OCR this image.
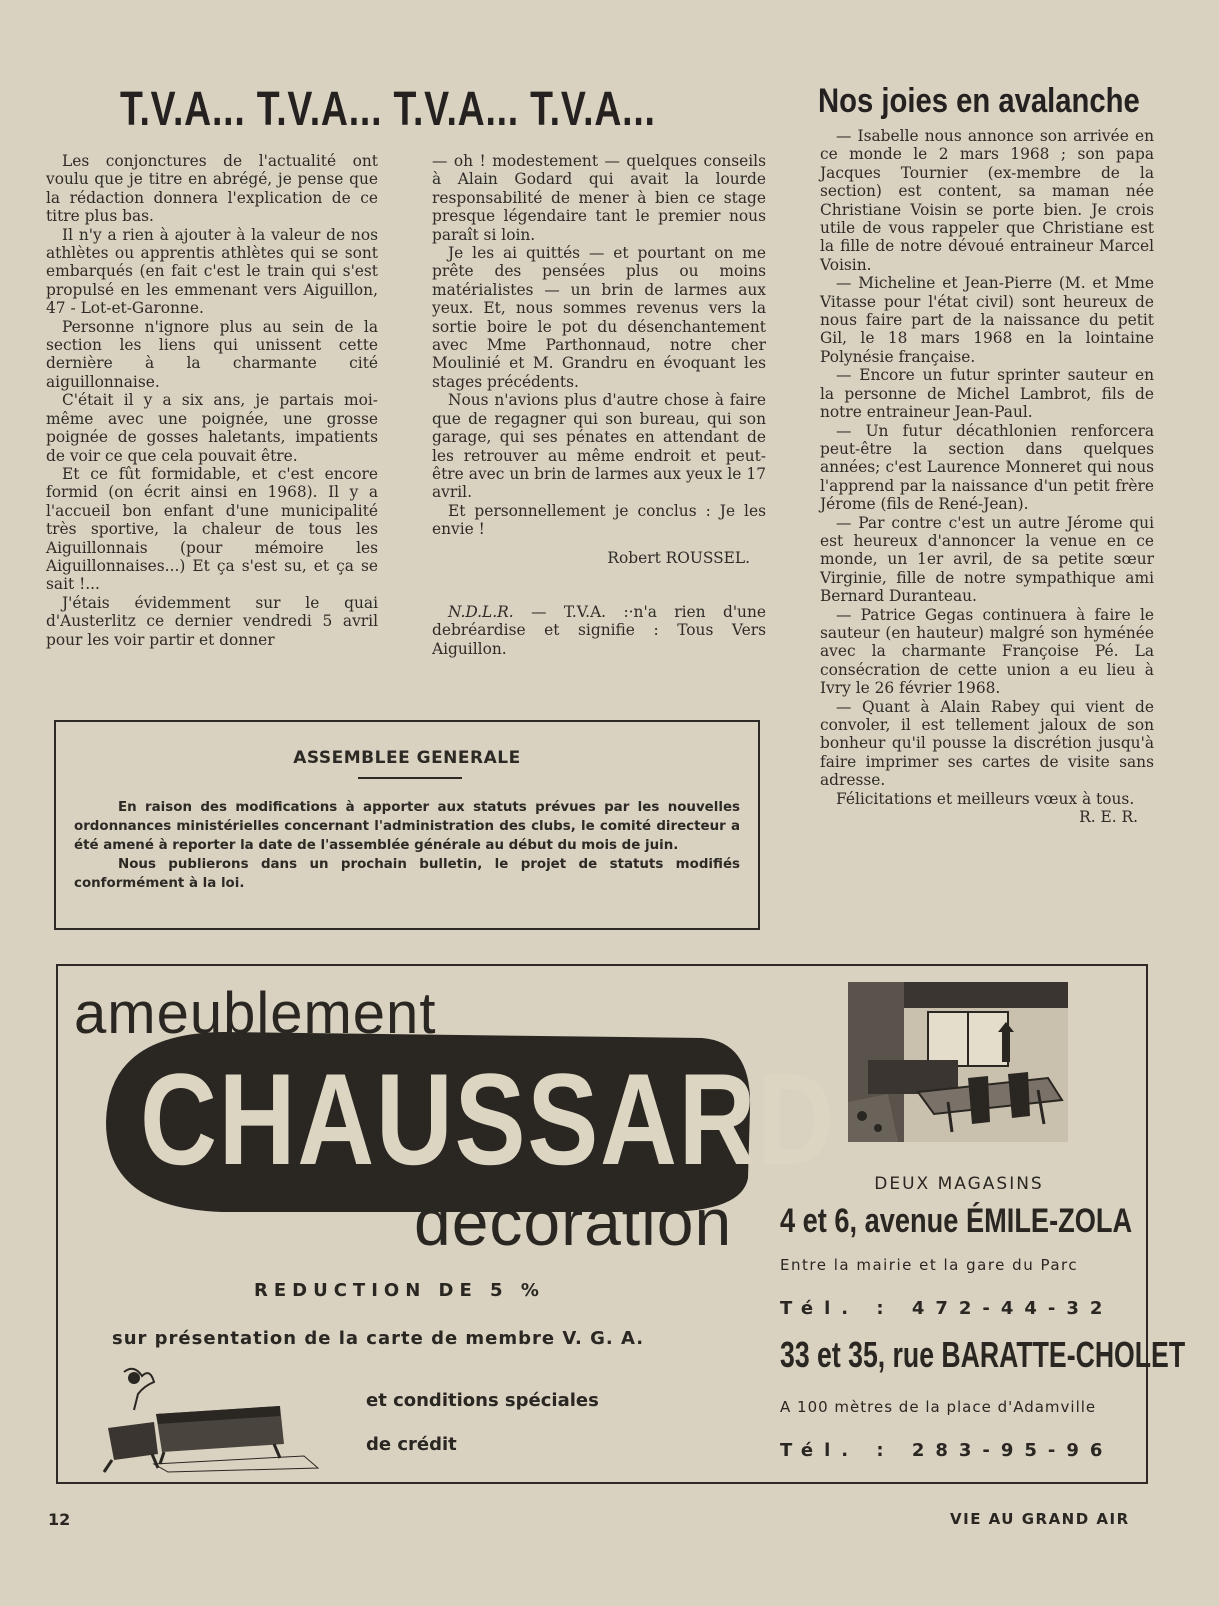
T.V.A... T.V.A... T.V.A... T.V.A...

Les conjonctures de l'actualité ont voulu que je titre en abrégé, je pense que la rédaction donnera l'explication de ce titre plus bas.

Il n'y a rien à ajouter à la valeur de nos athlètes ou apprentis athlètes qui se sont embarqués (en fait c'est le train qui s'est propulsé en les emmenant vers Aiguillon, 47 - Lot-et-Garonne.

Personne n'ignore plus au sein de la section les liens qui unissent cette dernière à la charmante cité aiguillonnaise.

C'était il y a six ans, je partais moi-même avec une poignée, une grosse poignée de gosses haletants, impatients de voir ce que cela pouvait être.

Et ce fût formidable, et c'est encore formid (on écrit ainsi en 1968). Il y a l'accueil bon enfant d'une municipalité très sportive, la chaleur de tous les Aiguillonnais (pour mémoire les Aiguillonnaises...) Et ça s'est su, et ça se sait !...

J'étais évidemment sur le quai d'Austerlitz ce dernier vendredi 5 avril pour les voir partir et donner

— oh ! modestement — quelques conseils à Alain Godard qui avait la lourde responsabilité de mener à bien ce stage presque légendaire tant le premier nous paraît si loin.

Je les ai quittés — et pourtant on me prête des pensées plus ou moins matérialistes — un brin de larmes aux yeux. Et, nous sommes revenus vers la sortie boire le pot du désenchantement avec Mme Parthonnaud, notre cher Moulinié et M. Grandru en évoquant les stages précédents.

Nous n'avions plus d'autre chose à faire que de regagner qui son bureau, qui son garage, qui ses pénates en attendant de les retrouver au même endroit et peut-être avec un brin de larmes aux yeux le 17 avril.

Et personnellement je conclus : Je les envie !

Robert ROUSSEL.

N.D.L.R. — T.V.A. :·n'a rien d'une debréardise et signifie : Tous Vers Aiguillon.

Nos joies en avalanche

— Isabelle nous annonce son arrivée en ce monde le 2 mars 1968 ; son papa Jacques Tournier (ex-membre de la section) est content, sa maman née Christiane Voisin se porte bien. Je crois utile de vous rappeler que Christiane est la fille de notre dévoué entraineur Marcel Voisin.

— Micheline et Jean-Pierre (M. et Mme Vitasse pour l'état civil) sont heureux de nous faire part de la naissance du petit Gil, le 18 mars 1968 en la lointaine Polynésie française.

— Encore un futur sprinter sauteur en la personne de Michel Lambrot, fils de notre entraineur Jean-Paul.

— Un futur décathlonien renforcera peut-être la section dans quelques années; c'est Laurence Monneret qui nous l'apprend par la naissance d'un petit frère Jérome (fils de René-Jean).

— Par contre c'est un autre Jérome qui est heureux d'annoncer la venue en ce monde, un 1er avril, de sa petite sœur Virginie, fille de notre sympathique ami Bernard Duranteau.

— Patrice Gegas continuera à faire le sauteur (en hauteur) malgré son hyménée avec la charmante Françoise Pé. La consécration de cette union a eu lieu à Ivry le 26 février 1968.

— Quant à Alain Rabey qui vient de convoler, il est tellement jaloux de son bonheur qu'il pousse la discrétion jusqu'à faire imprimer ses cartes de visite sans adresse.

Félicitations et meilleurs vœux à tous.

R. E. R.

ASSEMBLEE GENERALE

En raison des modifications à apporter aux statuts prévues par les nouvelles ordonnances ministérielles concernant l'administration des clubs, le comité directeur a été amené à reporter la date de l'assemblée générale au début du mois de juin.

Nous publierons dans un prochain bulletin, le projet de statuts modifiés conformément à la loi.

ameublement
CHAUSSARD
décoration
REDUCTION DE 5 %
sur présentation de la carte de membre V. G. A.
et conditions spéciales
de crédit
DEUX MAGASINS
4 et 6, avenue ÉMILE-ZOLA
Entre la mairie et la gare du Parc
Tél. : 472-44-32
33 et 35, rue BARATTE-CHOLET
A 100 mètres de la place d'Adamville
Tél. : 283-95-96
12	VIE AU GRAND AIR
